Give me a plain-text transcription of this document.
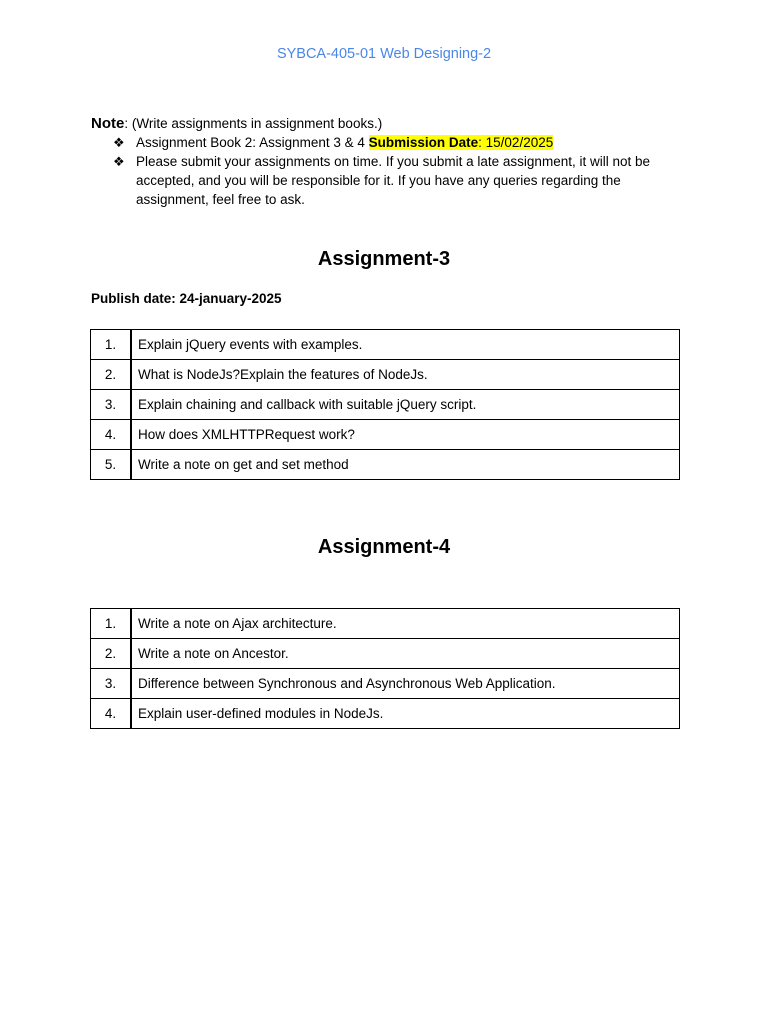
SYBCA-405-01 Web Designing-2
Note: (Write assignments in assignment books.)
❖ Assignment Book 2: Assignment 3 & 4 Submission Date: 15/02/2025
❖ Please submit your assignments on time. If you submit a late assignment, it will not be accepted, and you will be responsible for it. If you have any queries regarding the assignment, feel free to ask.
Assignment-3
Publish date: 24-january-2025
1.	Explain jQuery events with examples.
2.	What is NodeJs?Explain the features of NodeJs.
3.	Explain chaining and callback with suitable jQuery script.
4.	How does XMLHTTPRequest work?
5.	Write a note on get and set method
Assignment-4
1.	Write a note on Ajax architecture.
2.	Write a note on Ancestor.
3.	Difference between Synchronous and Asynchronous Web Application.
4.	Explain user-defined modules in NodeJs.
